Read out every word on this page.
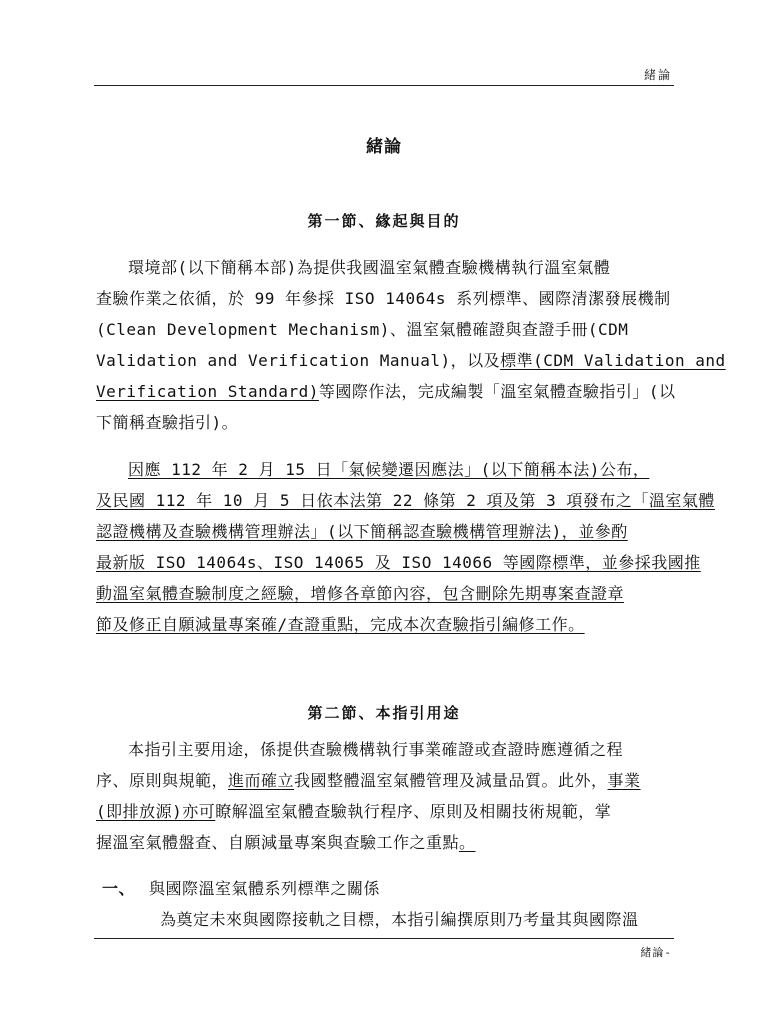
緒論
緒論
第一節、緣起與目的
環境部(以下簡稱本部)為提供我國溫室氣體查驗機構執行溫室氣體
查驗作業之依循，於 99 年參採 ISO 14064s 系列標準、國際清潔發展機制
(Clean Development Mechanism)、溫室氣體確證與查證手冊(CDM
Validation and Verification Manual)，以及標準(CDM Validation and
Verification Standard)等國際作法，完成編製「溫室氣體查驗指引」(以
下簡稱查驗指引)。
因應 112 年 2 月 15 日「氣候變遷因應法」(以下簡稱本法)公布，
及民國 112 年 10 月 5 日依本法第 22 條第 2 項及第 3 項發布之「溫室氣體
認證機構及查驗機構管理辦法」(以下簡稱認查驗機構管理辦法)，並參酌
最新版 ISO 14064s、ISO 14065 及 ISO 14066 等國際標準，並參採我國推
動溫室氣體查驗制度之經驗，增修各章節內容，包含刪除先期專案查證章
節及修正自願減量專案確/查證重點，完成本次查驗指引編修工作。
第二節、本指引用途
本指引主要用途，係提供查驗機構執行事業確證或查證時應遵循之程
序、原則與規範，進而確立我國整體溫室氣體管理及減量品質。此外，事業
(即排放源)亦可瞭解溫室氣體查驗執行程序、原則及相關技術規範，掌
握溫室氣體盤查、自願減量專案與查驗工作之重點。
一、 與國際溫室氣體系列標準之關係
為奠定未來與國際接軌之目標，本指引編撰原則乃考量其與國際溫
緒論-
